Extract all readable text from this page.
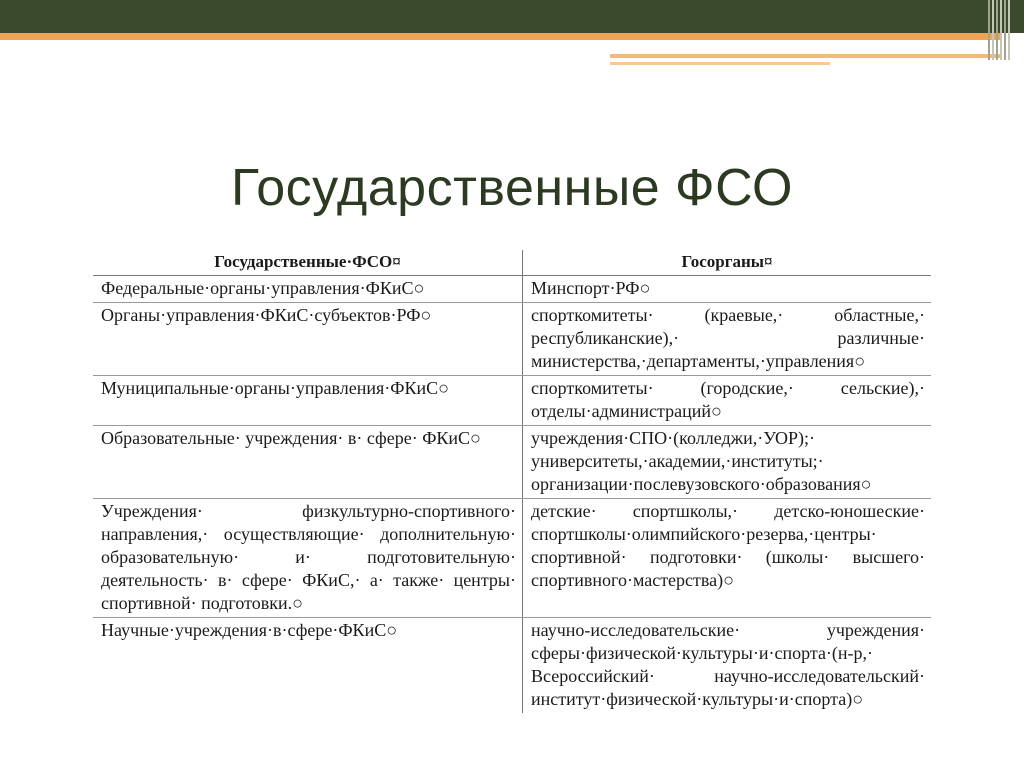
Государственные ФСО
Государственные·ФСО¤	Госорганы¤
Федеральные·органы·управления·ФКиС○	Минспорт·РФ○
Органы·управления·ФКиС·субъектов·РФ○	спорткомитеты· (краевые,· областные,· республиканские),· различные· министерства,·департаменты,·управления○
Муниципальные·органы·управления·ФКиС○	спорткомитеты· (городские,· сельские),· отделы·администраций○
Образовательные· учреждения· в· сфере· ФКиС○	учреждения·СПО·(колледжи,·УОР);· университеты,·академии,·институты;· организации·послевузовского·образования○
Учреждения· физкультурно-спортивного· направления,· осуществляющие· дополнительную· образовательную· и· подготовительную· деятельность· в· сфере· ФКиС,· а· также· центры· спортивной· подготовки.○	детские· спортшколы,· детско-юношеские· спортшколы·олимпийского·резерва,·центры· спортивной· подготовки· (школы· высшего· спортивного·мастерства)○
Научные·учреждения·в·сфере·ФКиС○	научно-исследовательские· учреждения· сферы·физической·культуры·и·спорта·(н-р,· Всероссийский· научно-исследовательский· институт·физической·культуры·и·спорта)○
